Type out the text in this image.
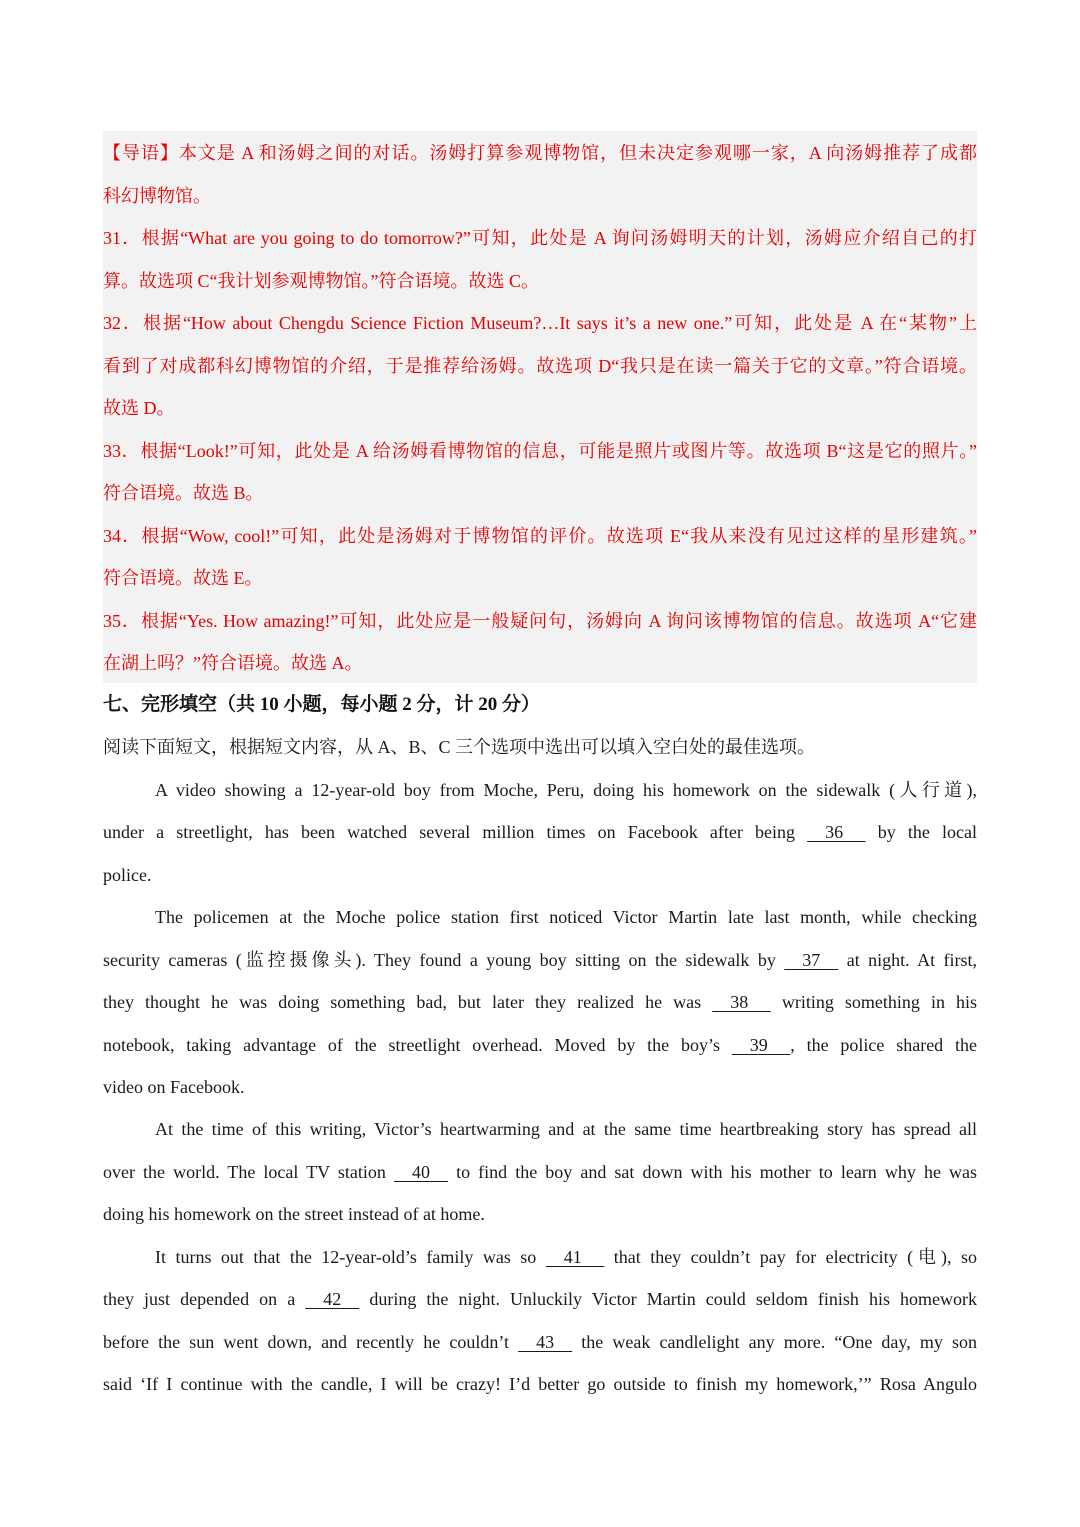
【导语】本文是 A 和汤姆之间的对话。汤姆打算参观博物馆，但未决定参观哪一家，A 向汤姆推荐了成都
科幻博物馆。
31．根据“What are you going to do tomorrow?”可知，此处是 A 询问汤姆明天的计划，汤姆应介绍自己的打
算。故选项 C“我计划参观博物馆。”符合语境。故选 C。
32．根据“How about Chengdu Science Fiction Museum?…It says it’s a new one.”可知，此处是 A 在“某物”上
看到了对成都科幻博物馆的介绍，于是推荐给汤姆。故选项 D“我只是在读一篇关于它的文章。”符合语境。
故选 D。
33．根据“Look!”可知，此处是 A 给汤姆看博物馆的信息，可能是照片或图片等。故选项 B“这是它的照片。”
符合语境。故选 B。
34．根据“Wow, cool!”可知，此处是汤姆对于博物馆的评价。故选项 E“我从来没有见过这样的星形建筑。”
符合语境。故选 E。
35．根据“Yes. How amazing!”可知，此处应是一般疑问句，汤姆向 A 询问该博物馆的信息。故选项 A“它建
在湖上吗？”符合语境。故选 A。
七、完形填空（共 10 小题，每小题 2 分，计 20 分）
阅读下面短文，根据短文内容，从 A、B、C 三个选项中选出可以填入空白处的最佳选项。
A video showing a 12-year-old boy from Moche, Peru, doing his homework on the sidewalk (人行道),
under a streetlight, has been watched several million times on Facebook after being     36      by the local
police.
The policemen at the Moche police station first noticed Victor Martin late last month, while checking
security cameras (监控摄像头). They found a young boy sitting on the sidewalk by     37     at night. At first,
they thought he was doing something bad, but later they realized he was     38      writing something in his
notebook, taking advantage of the streetlight overhead. Moved by the boy’s     39     , the police shared the
video on Facebook.
At the time of this writing, Victor’s heartwarming and at the same time heartbreaking story has spread all
over the world. The local TV station     40     to find the boy and sat down with his mother to learn why he was
doing his homework on the street instead of at home.
It turns out that the 12-year-old’s family was so     41      that they couldn’t pay for electricity (电), so
they just depended on a     42     during the night. Unluckily Victor Martin could seldom finish his homework
before the sun went down, and recently he couldn’t     43     the weak candlelight any more. “One day, my son
said ‘If I continue with the candle, I will be crazy! I’d better go outside to finish my homework,’” Rosa Angulo
